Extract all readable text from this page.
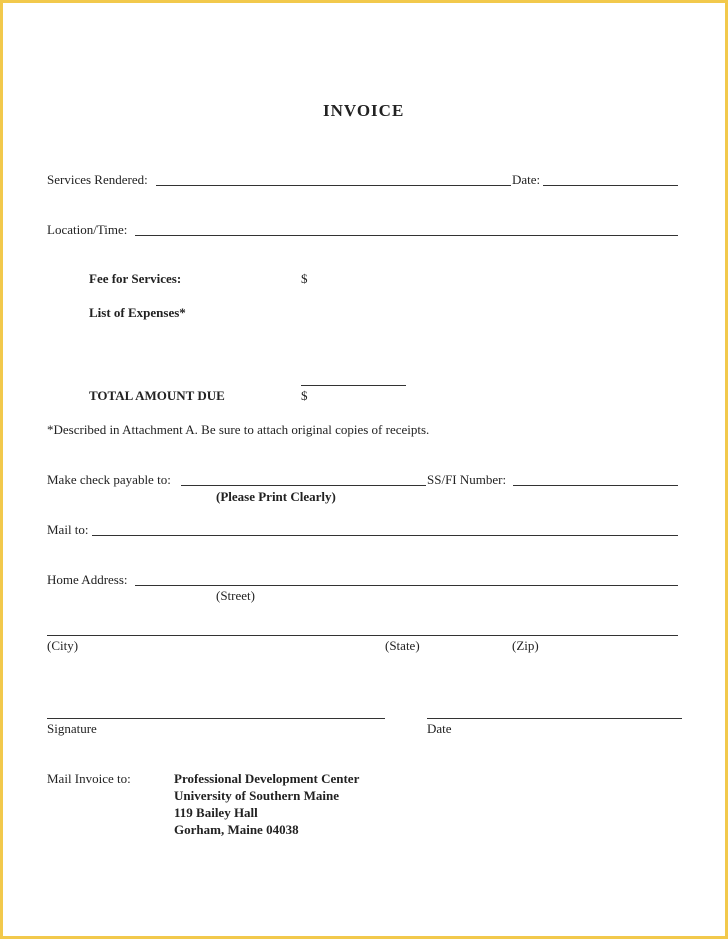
INVOICE
Services Rendered:	Date:
Location/Time:
Fee for Services:	$
List of Expenses*
TOTAL AMOUNT DUE	$
*Described in Attachment A. Be sure to attach original copies of receipts.
Make check payable to:	SS/FI Number:
(Please Print Clearly)
Mail to:
Home Address:
(Street)
(City)	(State)	(Zip)
Signature	Date
Mail Invoice to:	Professional Development Center
University of Southern Maine
119 Bailey Hall
Gorham, Maine 04038
